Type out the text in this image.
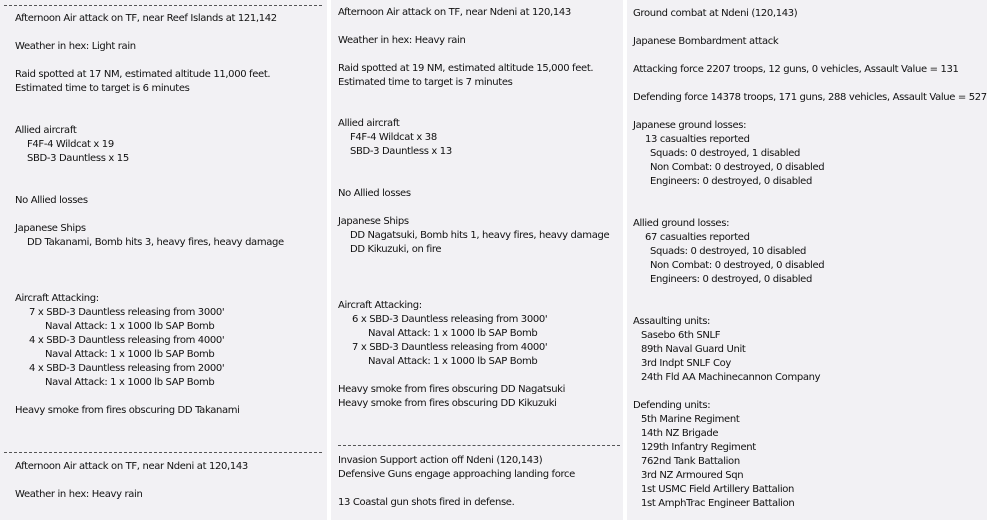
Afternoon Air attack on TF, near Reef Islands at 121,142
Weather in hex: Light rain
Raid spotted at 17 NM, estimated altitude 11,000 feet.
Estimated time to target is 6 minutes
Allied aircraft
F4F-4 Wildcat x 19
SBD-3 Dauntless x 15
No Allied losses
Japanese Ships
DD Takanami, Bomb hits 3, heavy fires, heavy damage
Aircraft Attacking:
7 x SBD-3 Dauntless releasing from 3000'
Naval Attack: 1 x 1000 lb SAP Bomb
4 x SBD-3 Dauntless releasing from 4000'
Naval Attack: 1 x 1000 lb SAP Bomb
4 x SBD-3 Dauntless releasing from 2000'
Naval Attack: 1 x 1000 lb SAP Bomb
Heavy smoke from fires obscuring DD Takanami
Afternoon Air attack on TF, near Ndeni at 120,143
Weather in hex: Heavy rain
Afternoon Air attack on TF, near Ndeni at 120,143
Weather in hex: Heavy rain
Raid spotted at 19 NM, estimated altitude 15,000 feet.
Estimated time to target is 7 minutes
Allied aircraft
F4F-4 Wildcat x 38
SBD-3 Dauntless x 13
No Allied losses
Japanese Ships
DD Nagatsuki, Bomb hits 1, heavy fires, heavy damage
DD Kikuzuki, on fire
Aircraft Attacking:
6 x SBD-3 Dauntless releasing from 3000'
Naval Attack: 1 x 1000 lb SAP Bomb
7 x SBD-3 Dauntless releasing from 4000'
Naval Attack: 1 x 1000 lb SAP Bomb
Heavy smoke from fires obscuring DD Nagatsuki
Heavy smoke from fires obscuring DD Kikuzuki
Invasion Support action off Ndeni (120,143)
Defensive Guns engage approaching landing force
13 Coastal gun shots fired in defense.
Ground combat at Ndeni (120,143)
Japanese Bombardment attack
Attacking force 2207 troops, 12 guns, 0 vehicles, Assault Value = 131
Defending force 14378 troops, 171 guns, 288 vehicles, Assault Value = 527
Japanese ground losses:
13 casualties reported
Squads: 0 destroyed, 1 disabled
Non Combat: 0 destroyed, 0 disabled
Engineers: 0 destroyed, 0 disabled
Allied ground losses:
67 casualties reported
Squads: 0 destroyed, 10 disabled
Non Combat: 0 destroyed, 0 disabled
Engineers: 0 destroyed, 0 disabled
Assaulting units:
Sasebo 6th SNLF
89th Naval Guard Unit
3rd Indpt SNLF Coy
24th Fld AA Machinecannon Company
Defending units:
5th Marine Regiment
14th NZ Brigade
129th Infantry Regiment
762nd Tank Battalion
3rd NZ Armoured Sqn
1st USMC Field Artillery Battalion
1st AmphTrac Engineer Battalion
